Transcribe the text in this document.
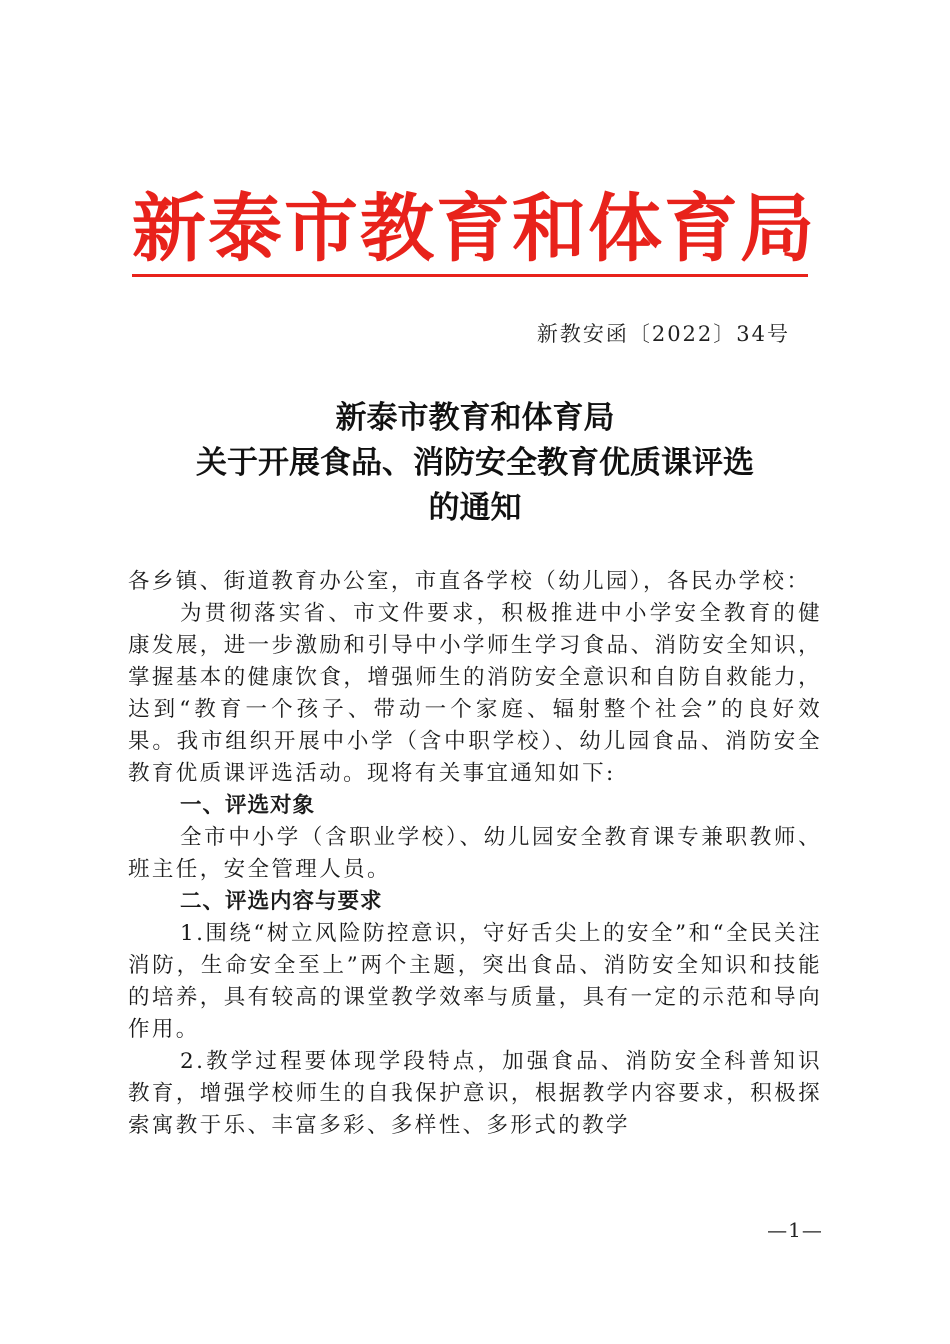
新泰市教育和体育局
新教安函〔2022〕34号
新泰市教育和体育局
关于开展食品、消防安全教育优质课评选
的通知

各乡镇、街道教育办公室，市直各学校（幼儿园），各民办学校：

为贯彻落实省、市文件要求，积极推进中小学安全教育的健康发展，进一步激励和引导中小学师生学习食品、消防安全知识，掌握基本的健康饮食，增强师生的消防安全意识和自防自救能力，达到“教育一个孩子、带动一个家庭、辐射整个社会”的良好效果。我市组织开展中小学（含中职学校）、幼儿园食品、消防安全教育优质课评选活动。现将有关事宜通知如下:

一、评选对象

全市中小学（含职业学校）、幼儿园安全教育课专兼职教师、班主任，安全管理人员。

二、评选内容与要求

1.围绕“树立风险防控意识，守好舌尖上的安全”和“全民关注消防，生命安全至上”两个主题，突出食品、消防安全知识和技能的培养，具有较高的课堂教学效率与质量，具有一定的示范和导向作用。

2.教学过程要体现学段特点，加强食品、消防安全科普知识教育，增强学校师生的自我保护意识，根据教学内容要求，积极探索寓教于乐、丰富多彩、多样性、多形式的教学

—1—
